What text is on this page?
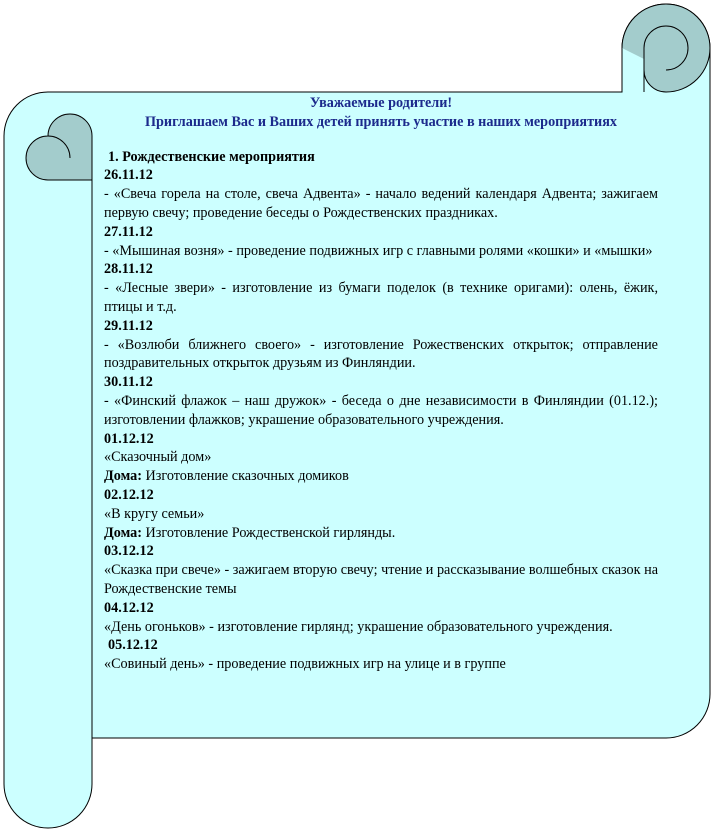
Уважаемые родители!
Приглашаем Вас и Ваших детей принять участие в наших мероприятиях
1. Рождественские мероприятия
26.11.12
- «Свеча горела на столе, свеча Адвента» - начало ведений календаря Адвента; зажигаем первую свечу; проведение беседы о Рождественских праздниках.
27.11.12
- «Мышиная возня» - проведение подвижных игр с главными ролями «кошки» и «мышки»
28.11.12
- «Лесные звери» - изготовление из бумаги поделок (в технике оригами): олень, ёжик, птицы и т.д.
29.11.12
- «Возлюби ближнего своего» - изготовление Рожественских открыток; отправление поздравительных открыток друзьям из Финляндии.
30.11.12
- «Финский флажок – наш дружок» - беседа о дне независимости в Финляндии (01.12.); изготовлении флажков; украшение образовательного учреждения.
01.12.12
«Сказочный дом»
Дома: Изготовление сказочных домиков
02.12.12
«В кругу семьи»
Дома: Изготовление Рождественской гирлянды.
03.12.12
«Сказка при свече» - зажигаем вторую свечу; чтение и рассказывание волшебных сказок на Рождественские темы
04.12.12
«День огоньков» - изготовление гирлянд; украшение образовательного учреждения.
05.12.12
«Совиный день» - проведение подвижных игр на улице и в группе
